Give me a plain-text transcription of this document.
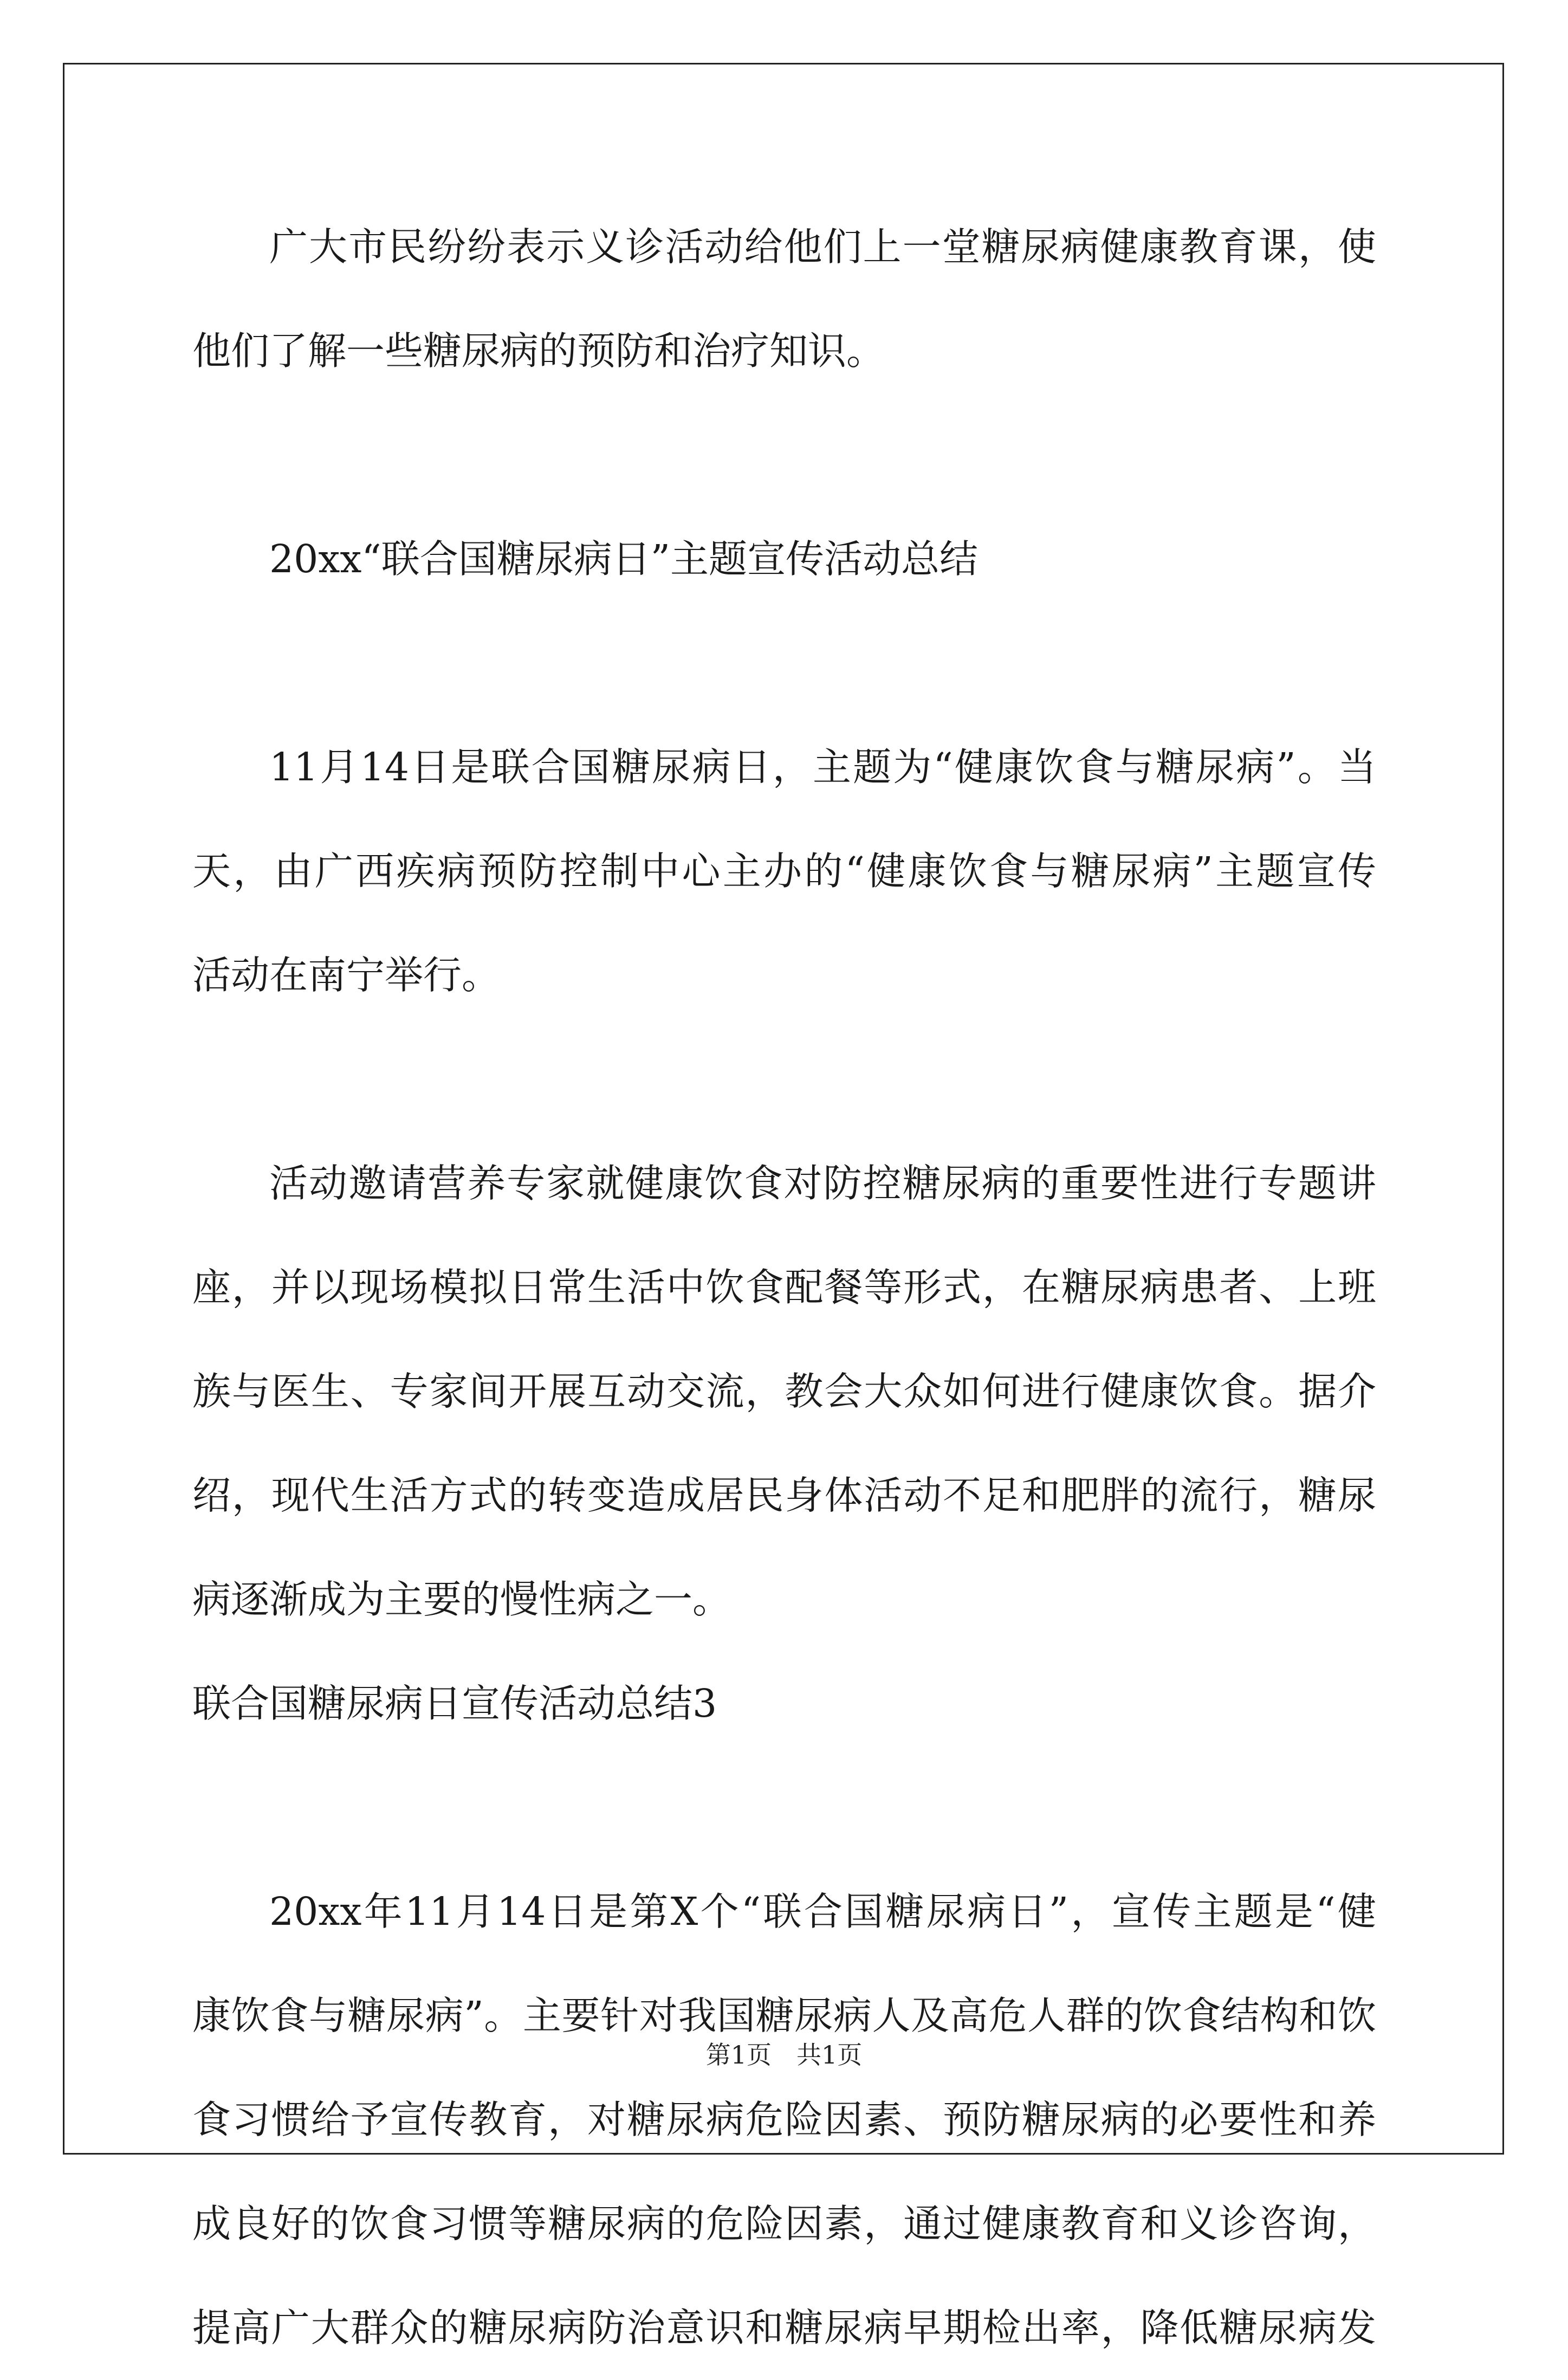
广大市民纷纷表示义诊活动给他们上一堂糖尿病健康教育课，使
他们了解一些糖尿病的预防和治疗知识。
20xx“联合国糖尿病日”主题宣传活动总结
11月14日是联合国糖尿病日，主题为“健康饮食与糖尿病”。当
天，由广西疾病预防控制中心主办的“健康饮食与糖尿病”主题宣传
活动在南宁举行。
活动邀请营养专家就健康饮食对防控糖尿病的重要性进行专题讲
座，并以现场模拟日常生活中饮食配餐等形式，在糖尿病患者、上班
族与医生、专家间开展互动交流，教会大众如何进行健康饮食。据介
绍，现代生活方式的转变造成居民身体活动不足和肥胖的流行，糖尿
病逐渐成为主要的慢性病之一。
联合国糖尿病日宣传活动总结3
20xx年11月14日是第X个“联合国糖尿病日”，宣传主题是“健
康饮食与糖尿病”。主要针对我国糖尿病人及高危人群的饮食结构和饮
食习惯给予宣传教育，对糖尿病危险因素、预防糖尿病的必要性和养
成良好的饮食习惯等糖尿病的危险因素，通过健康教育和义诊咨询，
提高广大群众的糖尿病防治意识和糖尿病早期检出率，降低糖尿病发
第1页　共1页
